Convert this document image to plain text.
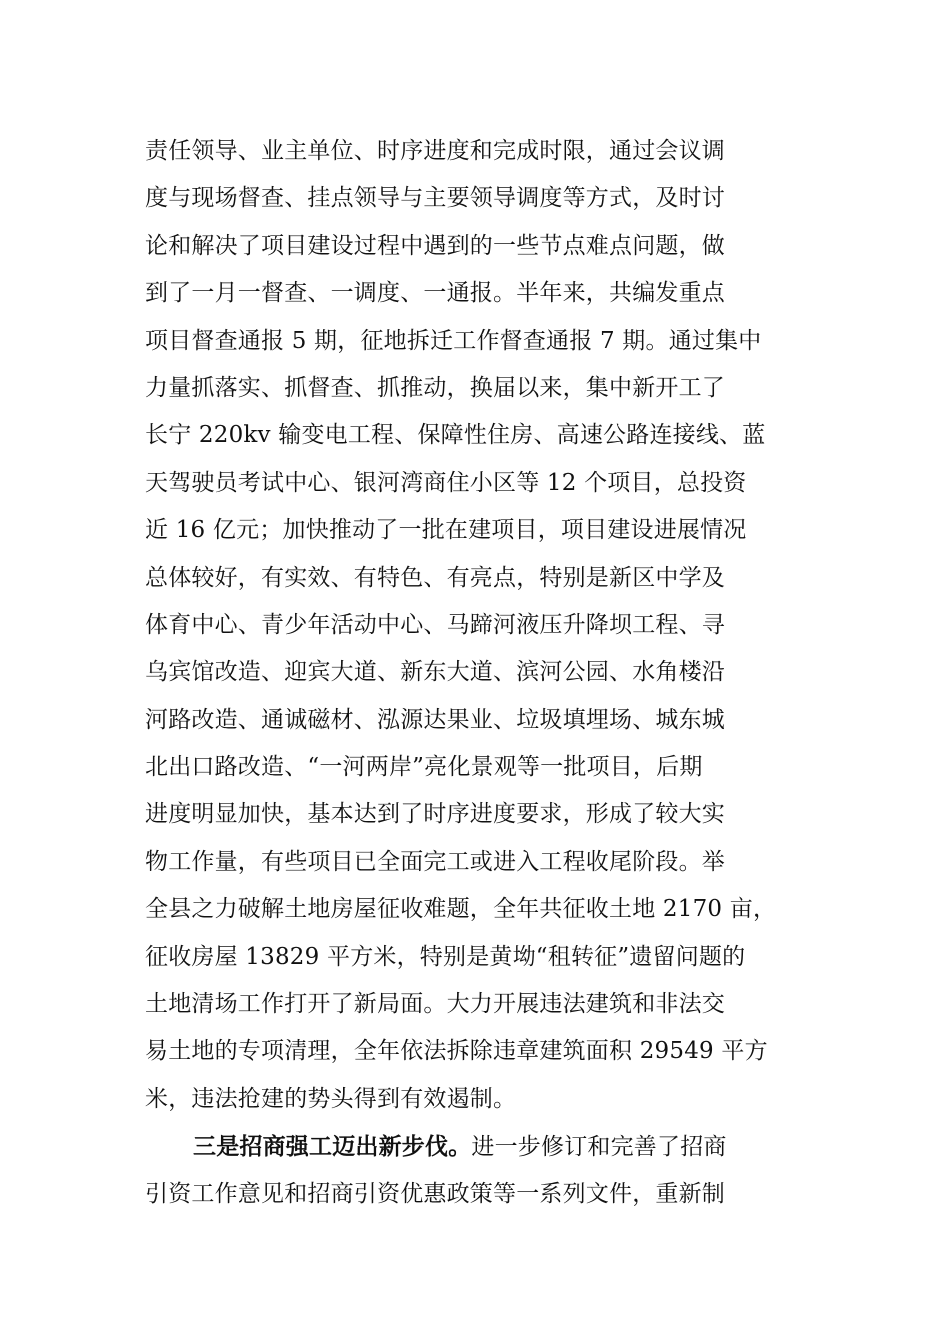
责任领导、业主单位、时序进度和完成时限，通过会议调
度与现场督查、挂点领导与主要领导调度等方式，及时讨
论和解决了项目建设过程中遇到的一些节点难点问题，做
到了一月一督查、一调度、一通报。半年来，共编发重点
项目督查通报 5 期，征地拆迁工作督查通报 7 期。通过集中
力量抓落实、抓督查、抓推动，换届以来，集中新开工了
长宁 220kv 输变电工程、保障性住房、高速公路连接线、蓝
天驾驶员考试中心、银河湾商住小区等 12 个项目，总投资
近 16 亿元；加快推动了一批在建项目，项目建设进展情况
总体较好，有实效、有特色、有亮点，特别是新区中学及
体育中心、青少年活动中心、马蹄河液压升降坝工程、寻
乌宾馆改造、迎宾大道、新东大道、滨河公园、水角楼沿
河路改造、通诚磁材、泓源达果业、垃圾填埋场、城东城
北出口路改造、“一河两岸”亮化景观等一批项目，后期
进度明显加快，基本达到了时序进度要求，形成了较大实
物工作量，有些项目已全面完工或进入工程收尾阶段。举
全县之力破解土地房屋征收难题，全年共征收土地 2170 亩，
征收房屋 13829 平方米，特别是黄坳“租转征”遗留问题的
土地清场工作打开了新局面。大力开展违法建筑和非法交
易土地的专项清理，全年依法拆除违章建筑面积 29549 平方
米，违法抢建的势头得到有效遏制。
三是招商强工迈出新步伐。进一步修订和完善了招商
引资工作意见和招商引资优惠政策等一系列文件，重新制
